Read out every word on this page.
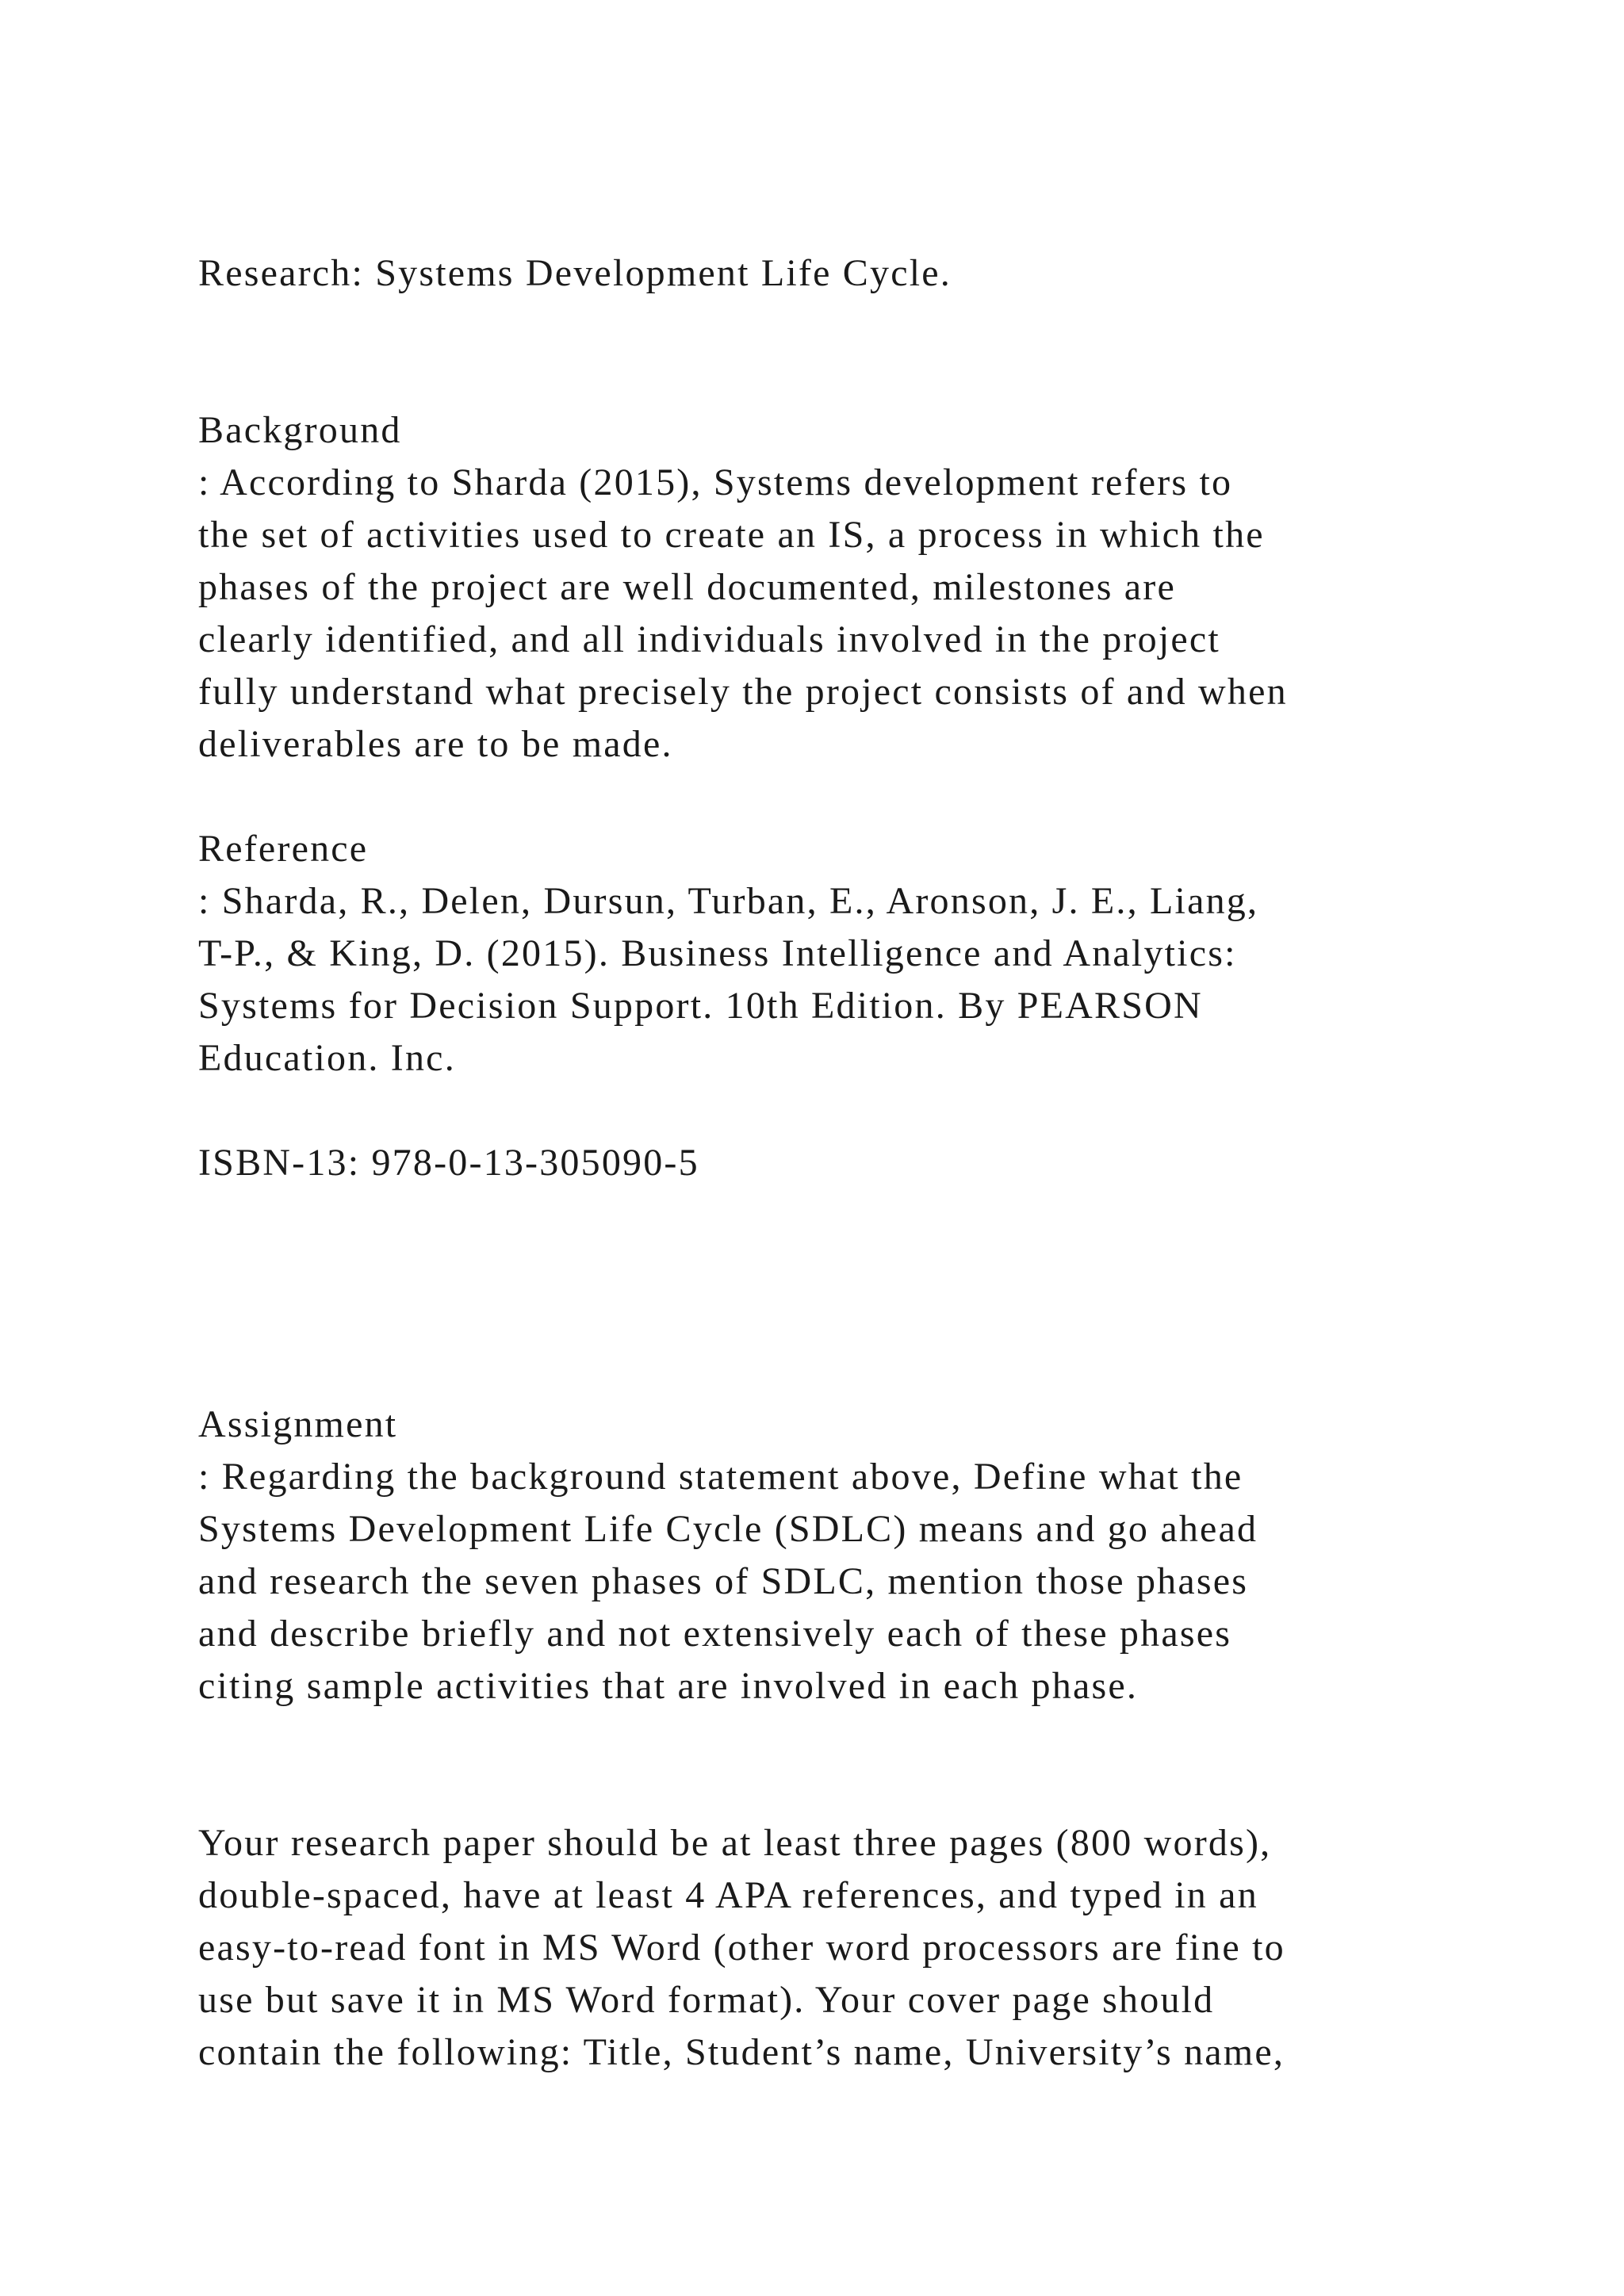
Research: Systems Development Life Cycle.

Background

: According to Sharda (2015), Systems development refers to

the set of activities used to create an IS, a process in which the

phases of the project are well documented, milestones are

clearly identified, and all individuals involved in the project

fully understand what precisely the project consists of and when

deliverables are to be made.

Reference

: Sharda, R., Delen, Dursun, Turban, E., Aronson, J. E., Liang,

T-P., & King, D. (2015). Business Intelligence and Analytics:

Systems for Decision Support. 10th Edition. By PEARSON

Education. Inc.

ISBN-13: 978-0-13-305090-5

Assignment

: Regarding the background statement above, Define what the

Systems Development Life Cycle (SDLC) means and go ahead

and research the seven phases of SDLC, mention those phases

and describe briefly and not extensively each of these phases

citing sample activities that are involved in each phase.

Your research paper should be at least three pages (800 words),

double-spaced, have at least 4 APA references, and typed in an

easy-to-read font in MS Word (other word processors are fine to

use but save it in MS Word format). Your cover page should

contain the following: Title, Student’s name, University’s name,
